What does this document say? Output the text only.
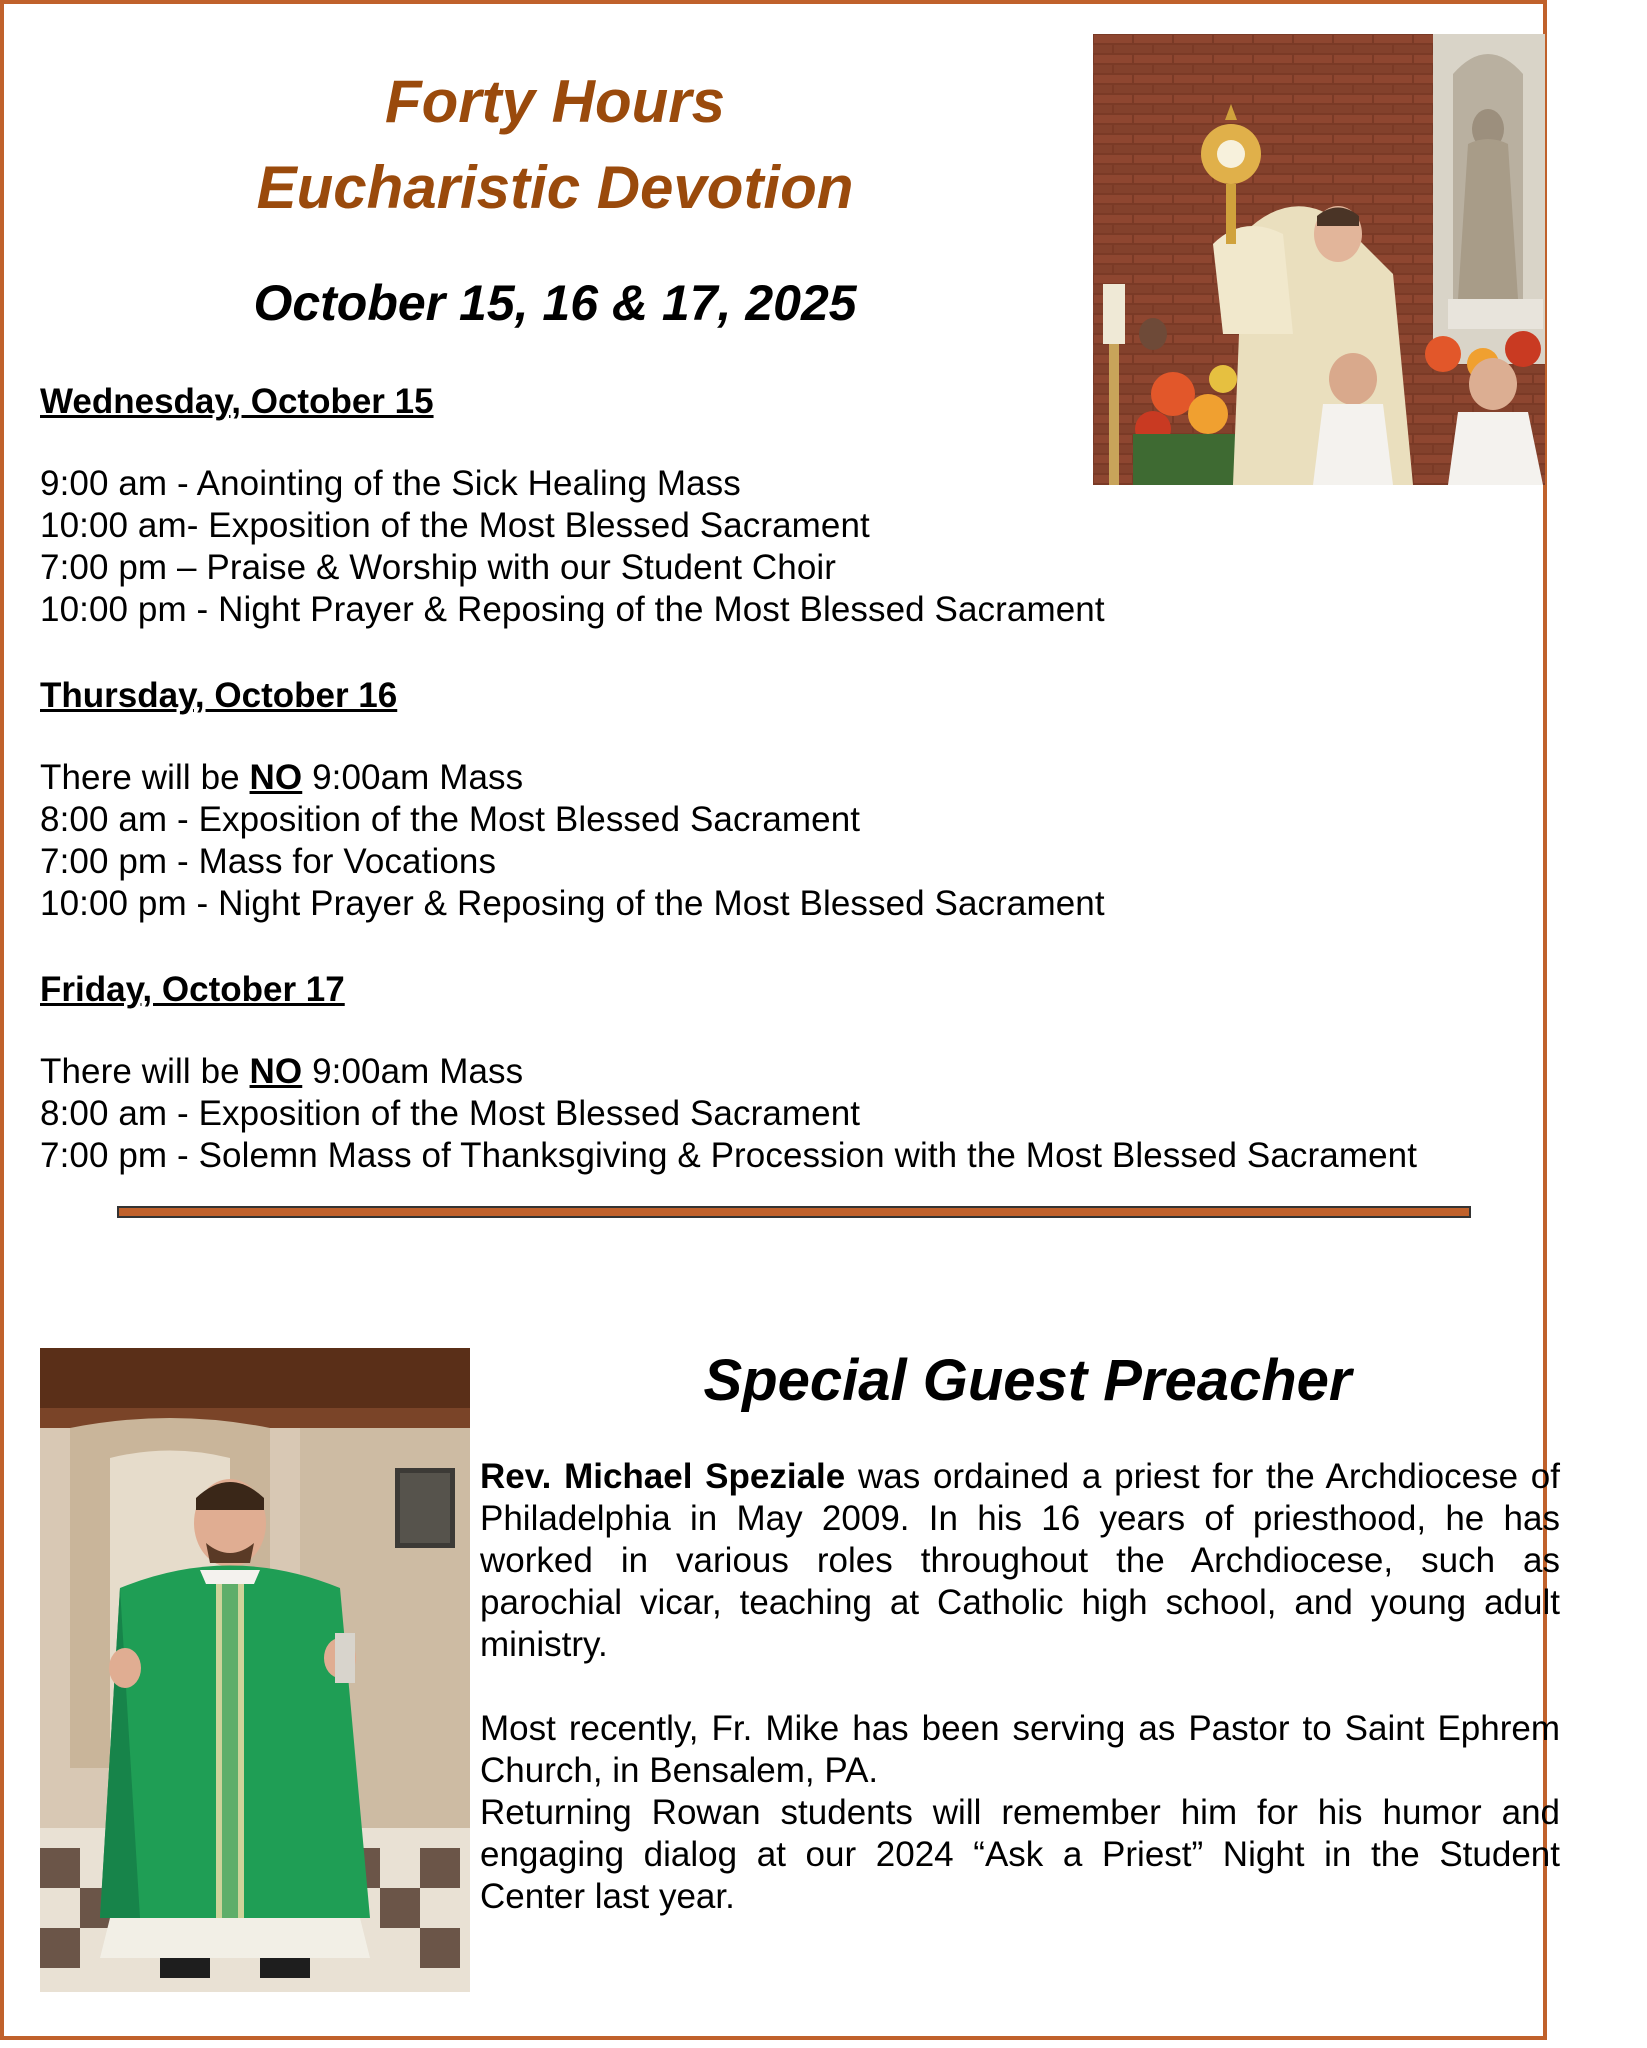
Forty Hours
Eucharistic Devotion
October 15, 16 & 17, 2025
Wednesday, October 15
9:00 am - Anointing of the Sick Healing Mass
10:00 am- Exposition of the Most Blessed Sacrament
7:00 pm – Praise & Worship with our Student Choir
10:00 pm - Night Prayer & Reposing of the Most Blessed Sacrament
Thursday, October 16
There will be NO 9:00am Mass
8:00 am - Exposition of the Most Blessed Sacrament
7:00 pm - Mass for Vocations
10:00 pm - Night Prayer & Reposing of the Most Blessed Sacrament
Friday, October 17
There will be NO 9:00am Mass
8:00 am - Exposition of the Most Blessed Sacrament
7:00 pm - Solemn Mass of Thanksgiving & Procession with the Most Blessed Sacrament
Special Guest Preacher
Rev. Michael Speziale was ordained a priest for the Archdiocese of Philadelphia in May 2009. In his 16 years of priesthood, he has worked in various roles throughout the Archdiocese, such as parochial vicar, teaching at Catholic high school, and young adult ministry.
Most recently, Fr. Mike has been serving as Pastor to Saint Ephrem Church, in Bensalem, PA.
Returning Rowan students will remember him for his humor and engaging dialog at our 2024 “Ask a Priest” Night in the Student Center last year.
